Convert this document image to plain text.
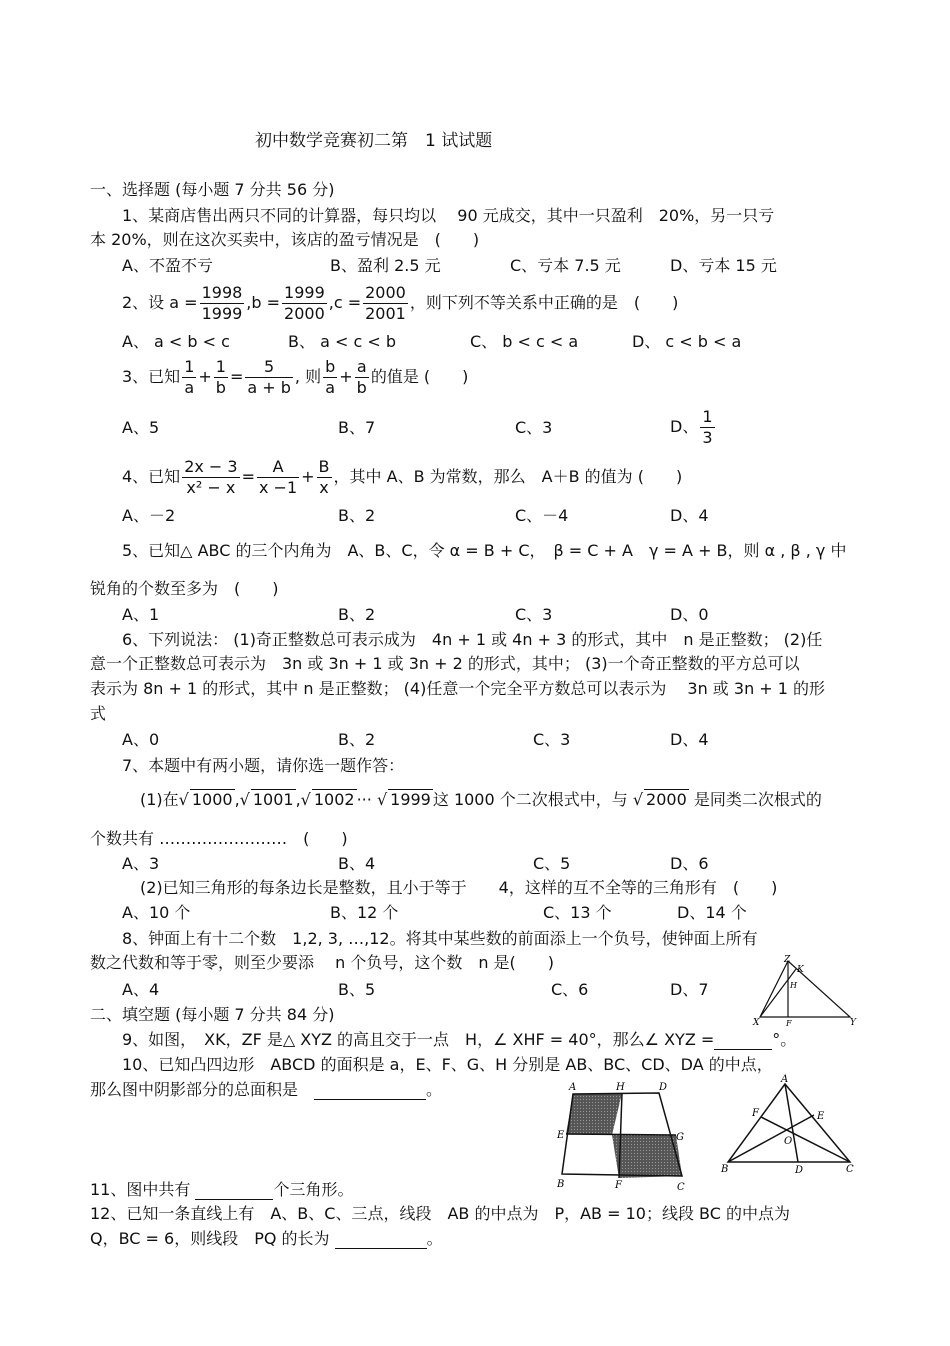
初中数学竞赛初二第　1 试试题
一、选择题 (每小题 7 分共 56 分)
1、某商店售出两只不同的计算器，每只均以　 90 元成交，其中一只盈利　20%，另一只亏
本 20%，则在这次买卖中，该店的盈亏情况是　(　　)
A、不盈不亏	B、盈利 2.5 元	C、亏本 7.5 元	D、亏本 15 元
2、设 $a = \frac{1998}{1999} ,b = \frac{1999}{2000} ,c = \frac{2000}{2001}$ ，则下列不等关系中正确的是　(　　)
A、 a < b < c	B、 a < c < b	C、 b < c < a	D、 c < b < a
3、已知 $\frac{1}{a} + \frac{1}{b} = \frac{5}{a + b}$ , 则 $\frac{b}{a} + \frac{a}{b}$ 的值是 (　　)
A、5	B、7	C、3	D、 $\frac{1}{3}$
4、已知 $\frac{2x - 3}{\text{x² − x}} = \frac{A}{x -1} + \frac{B}{x}$ ，其中 A、B 为常数，那么　A＋B 的值为 (　　)
A、－2	B、2	C、－4	D、4
5、已知△ ABC 的三个内角为　A、B、C，令 α = B + C，　β = C + A　γ = A + B，则 α , β , γ 中
锐角的个数至多为　(　　)
A、1	B、2	C、3	D、0
6、下列说法： (1)奇正整数总可表示成为　4n + 1 或 4n + 3 的形式，其中　n 是正整数； (2)任
意一个正整数总可表示为　3n 或 3n + 1 或 3n + 2 的形式，其中； (3)一个奇正整数的平方总可以
表示为 8n + 1 的形式，其中 n 是正整数； (4)任意一个完全平方数总可以表示为　 3n 或 3n + 1 的形
式
A、0	B、2	C、3	D、4
7、本题中有两小题，请你选一题作答：
(1)在√ 1000 ,√ 1001 ,√ 1002 ··· √ 1999 这 1000 个二次根式中，与 √ 2000 是同类二次根式的
个数共有 ……………………　(　　)
A、3	B、4	C、5	D、6
(2)已知三角形的每条边长是整数，且小于等于　　4，这样的互不全等的三角形有　(　　)
A、10 个	B、12 个	C、13 个	D、14 个
8、钟面上有十二个数　1,2, 3, …,12。将其中某些数的前面添上一个负号，使钟面上所有
数之代数和等于零，则至少要添　 n 个负号，这个数　n 是(　　)
A、4	B、5	C、6	D、7
二、填空题 (每小题 7 分共 84 分)
9、如图，　XK，ZF 是△ XYZ 的高且交于一点　H，∠ XHF = 40°，那么∠ XYZ =	°。
10、已知凸四边形　ABCD 的面积是 a，E、F、G、H 分别是 AB、BC、CD、DA 的中点，
那么图中阴影部分的总面积是　	。
11、图中共有	个三角形。
12、已知一条直线上有　A、B、C、三点，线段　AB 的中点为　P，AB = 10；线段 BC 的中点为
Q，BC = 6，则线段　PQ 的长为	。
X	Y
Z
K
H
F
A	H	D
E	G
B	F	C
A
B	C
D
E
F
O
